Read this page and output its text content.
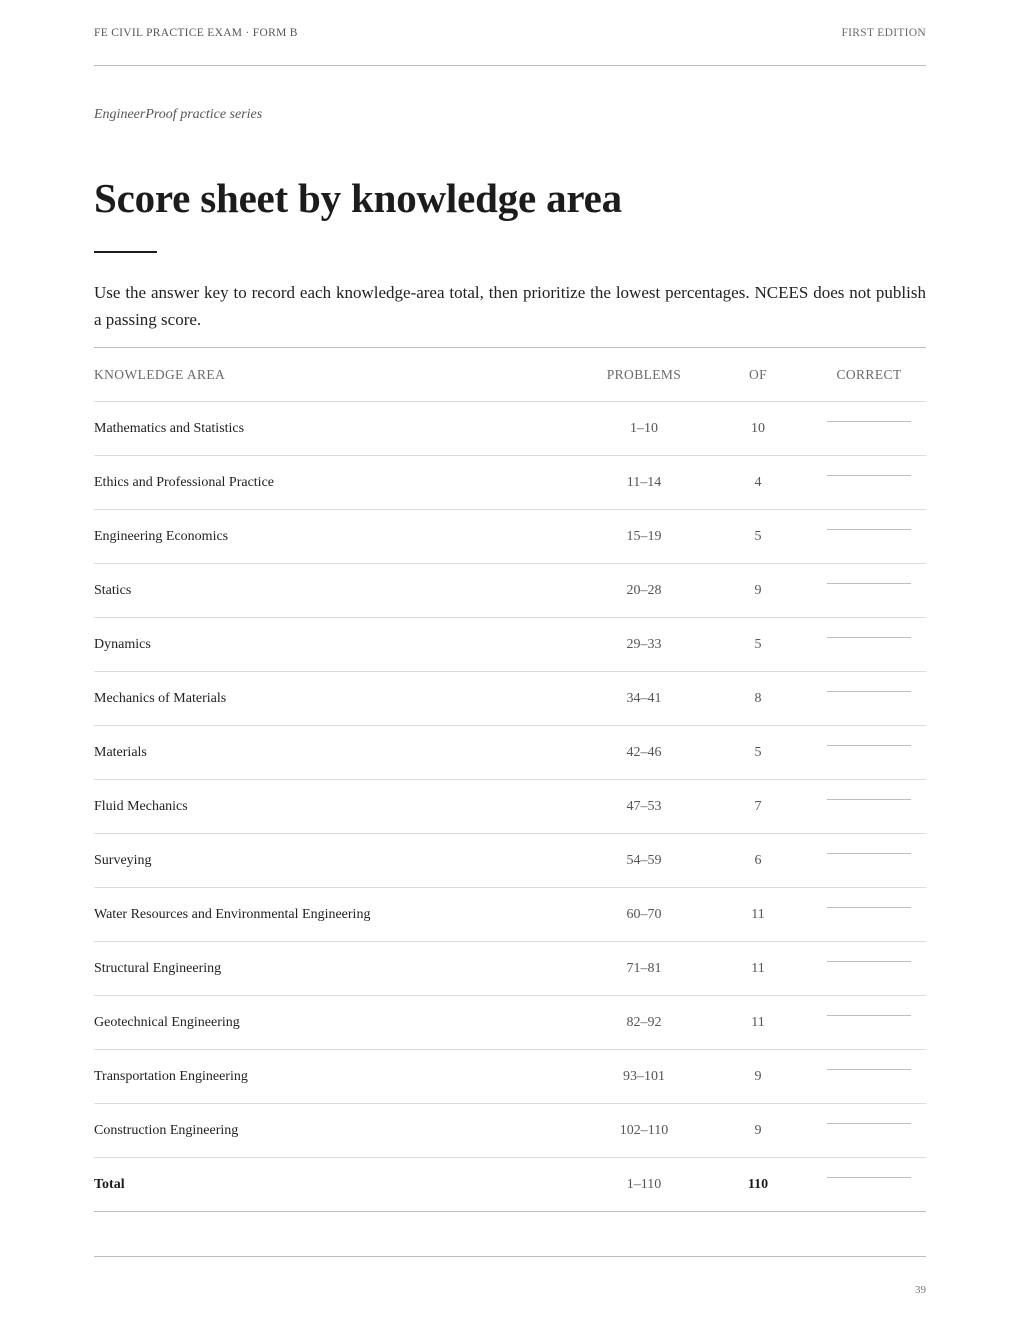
FE CIVIL PRACTICE EXAM · FORM B	FIRST EDITION
EngineerProof practice series
Score sheet by knowledge area

Use the answer key to record each knowledge-area total, then prioritize the lowest percentages. NCEES does not publish a passing score.

KNOWLEDGE AREA	PROBLEMS	OF	CORRECT
Mathematics and Statistics	1–10	10
Ethics and Professional Practice	11–14	4
Engineering Economics	15–19	5
Statics	20–28	9
Dynamics	29–33	5
Mechanics of Materials	34–41	8
Materials	42–46	5
Fluid Mechanics	47–53	7
Surveying	54–59	6
Water Resources and Environmental Engineering	60–70	11
Structural Engineering	71–81	11
Geotechnical Engineering	82–92	11
Transportation Engineering	93–101	9
Construction Engineering	102–110	9
Total	1–110	110
39
